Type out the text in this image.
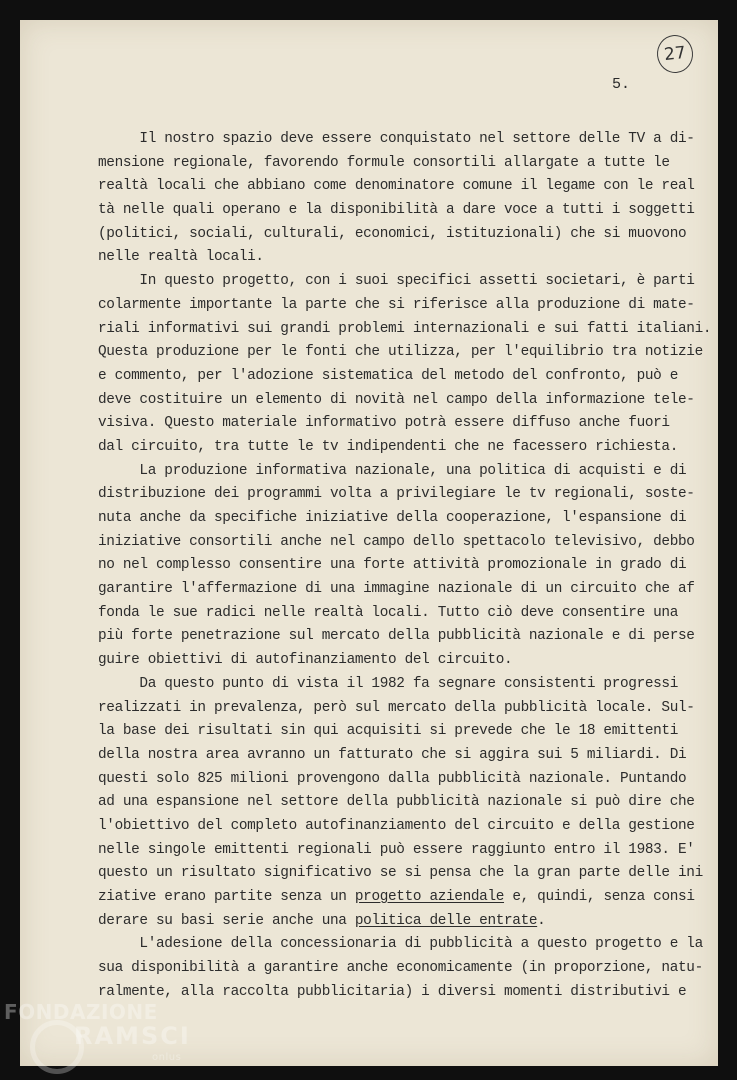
5.
27
Il nostro spazio deve essere conquistato nel settore delle TV a di-
mensione regionale, favorendo formule consortili allargate a tutte le
realtà locali che abbiano come denominatore comune il legame con le real
tà nelle quali operano e la disponibilità a dare voce a tutti i soggetti
(politici, sociali, culturali, economici, istituzionali) che si muovono
nelle realtà locali.
In questo progetto, con i suoi specifici assetti societari, è parti
colarmente importante la parte che si riferisce alla produzione di mate-
riali informativi sui grandi problemi internazionali e sui fatti italiani.
Questa produzione per le fonti che utilizza, per l'equilibrio tra notizie
e commento, per l'adozione sistematica del metodo del confronto, può e
deve costituire un elemento di novità nel campo della informazione tele-
visiva. Questo materiale informativo potrà essere diffuso anche fuori
dal circuito, tra tutte le tv indipendenti che ne facessero richiesta.
La produzione informativa nazionale, una politica di acquisti e di
distribuzione dei programmi volta a privilegiare le tv regionali, soste-
nuta anche da specifiche iniziative della cooperazione, l'espansione di
iniziative consortili anche nel campo dello spettacolo televisivo, debbo
no nel complesso consentire una forte attività promozionale in grado di
garantire l'affermazione di una immagine nazionale di un circuito che af
fonda le sue radici nelle realtà locali. Tutto ciò deve consentire una
più forte penetrazione sul mercato della pubblicità nazionale e di perse
guire obiettivi di autofinanziamento del circuito.
Da questo punto di vista il 1982 fa segnare consistenti progressi
realizzati in prevalenza, però sul mercato della pubblicità locale. Sul-
la base dei risultati sin qui acquisiti si prevede che le 18 emittenti
della nostra area avranno un fatturato che si aggira sui 5 miliardi. Di
questi solo 825 milioni provengono dalla pubblicità nazionale. Puntando
ad una espansione nel settore della pubblicità nazionale si può dire che
l'obiettivo del completo autofinanziamento del circuito e della gestione
nelle singole emittenti regionali può essere raggiunto entro il 1983. E'
questo un risultato significativo se si pensa che la gran parte delle ini
ziative erano partite senza un progetto aziendale e, quindi, senza consi
derare su basi serie anche una politica delle entrate.
L'adesione della concessionaria di pubblicità a questo progetto e la
sua disponibilità a garantire anche economicamente (in proporzione, natu-
ralmente, alla raccolta pubblicitaria) i diversi momenti distributivi e
FONDAZIONE
RAMSCI
onlus
